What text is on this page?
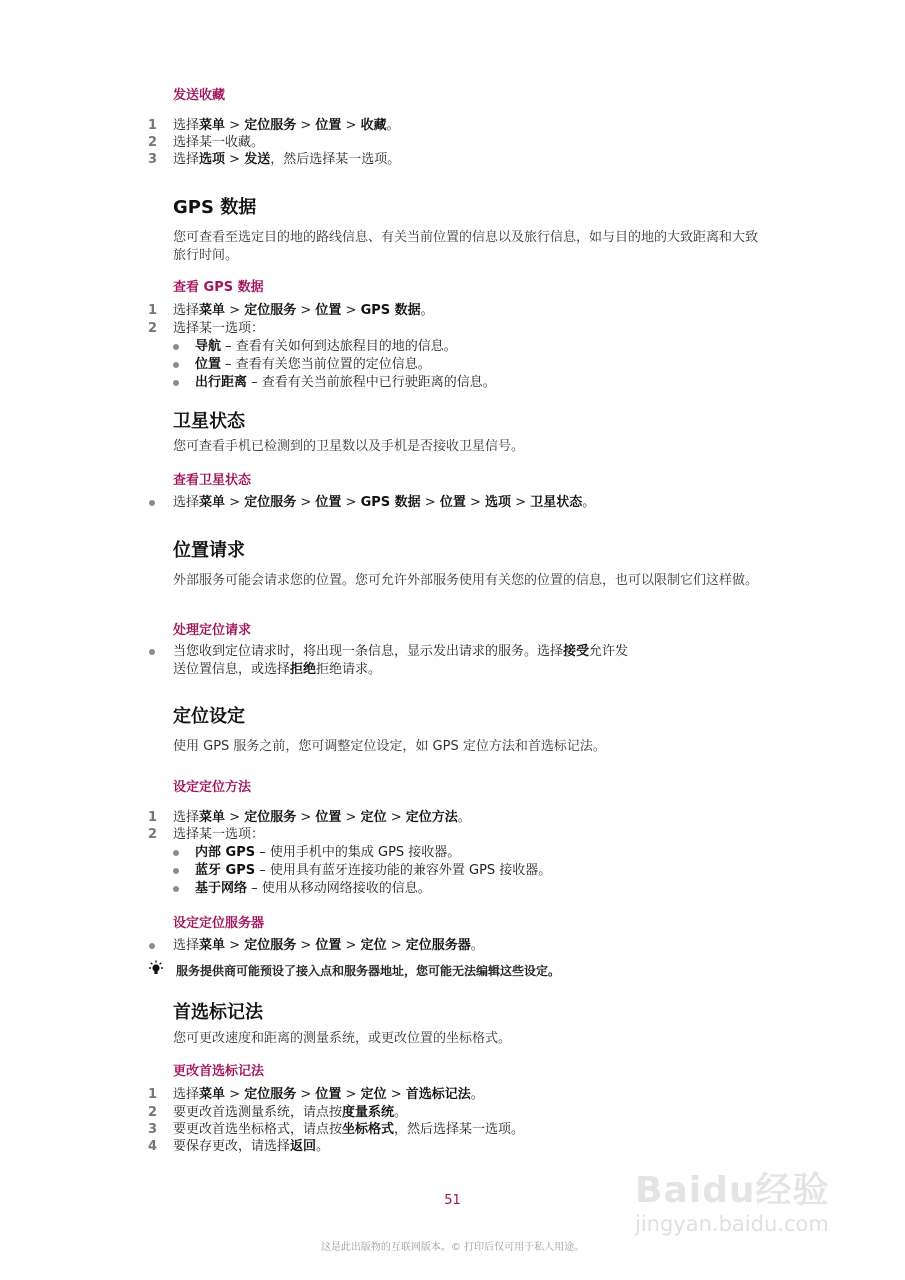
发送收藏
1 选择菜单 > 定位服务 > 位置 > 收藏。
2 选择某一收藏。
3 选择选项 > 发送，然后选择某一选项。
GPS 数据
您可查看至选定目的地的路线信息、有关当前位置的信息以及旅行信息，如与目的地的大致距离和大致旅行时间。
查看 GPS 数据
1 选择菜单 > 定位服务 > 位置 > GPS 数据。
2 选择某一选项：
导航 – 查看有关如何到达旅程目的地的信息。
位置 – 查看有关您当前位置的定位信息。
出行距离 – 查看有关当前旅程中已行驶距离的信息。
卫星状态
您可查看手机已检测到的卫星数以及手机是否接收卫星信号。
查看卫星状态
选择菜单 > 定位服务 > 位置 > GPS 数据 > 位置 > 选项 > 卫星状态。
位置请求
外部服务可能会请求您的位置。您可允许外部服务使用有关您的位置的信息，也可以限制它们这样做。
处理定位请求
当您收到定位请求时，将出现一条信息，显示发出请求的服务。选择接受允许发
送位置信息，或选择拒绝拒绝请求。
定位设定
使用 GPS 服务之前，您可调整定位设定，如 GPS 定位方法和首选标记法。
设定定位方法
1 选择菜单 > 定位服务 > 位置 > 定位 > 定位方法。
2 选择某一选项：
内部 GPS – 使用手机中的集成 GPS 接收器。
蓝牙 GPS – 使用具有蓝牙连接功能的兼容外置 GPS 接收器。
基于网络 – 使用从移动网络接收的信息。
设定定位服务器
选择菜单 > 定位服务 > 位置 > 定位 > 定位服务器。
服务提供商可能预设了接入点和服务器地址，您可能无法编辑这些设定。
首选标记法
您可更改速度和距离的测量系统，或更改位置的坐标格式。
更改首选标记法
1 选择菜单 > 定位服务 > 位置 > 定位 > 首选标记法。
2 要更改首选测量系统，请点按度量系统。
3 要更改首选坐标格式，请点按坐标格式，然后选择某一选项。
4 要保存更改，请选择返回。
51
这是此出版物的互联网版本。© 打印后仅可用于私人用途。
Baidu经验
jingyan.baidu.com
